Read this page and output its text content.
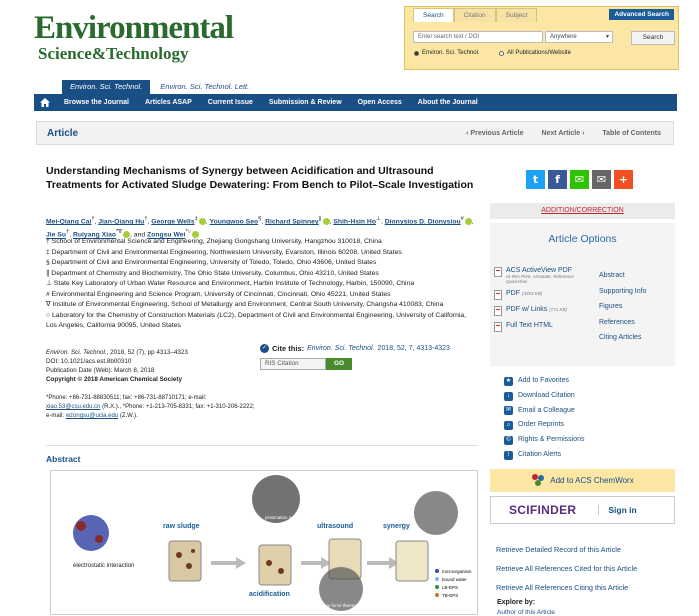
Environmental
Science&Technology
Environ. Sci. Technol.	Environ. Sci. Technol. Lett.
Search	Citation	Subject	Advanced Search
Enter search text / DOI	Anywhere	▾	Search
Environ. Sci. Technol.	All Publications/Website
Browse the Journal	Articles ASAP	Current Issue	Submission & Review	Open Access	About the Journal
Article	‹ Previous Article	Next Article ›	Table of Contents
Understanding Mechanisms of Synergy between Acidification and Ultrasound Treatments for Activated Sludge Dewatering: From Bench to Pilot–Scale Investigation
Mei-Qiang Cai†, Jian-Qiang Hu†, George Wells‡ , Youngwoo Seo§, Richard Spinney∥ , Shih-Hsin Ho⊥, Dionysios D. Dionysiou# , Jie Su†, Ruiyang Xiao*∇ , and Zongsu Wei*○
† School of Environmental Science and Engineering, Zhejiang Gongshang University, Hangzhou 310018, China
‡ Department of Civil and Environmental Engineering, Northwestern University, Evanston, Illinois 60208, United States
§ Department of Civil and Environmental Engineering, University of Toledo, Toledo, Ohio 43606, United States
∥ Department of Chemistry and Biochemistry, The Ohio State University, Columbus, Ohio 43210, United States
⊥ State Key Laboratory of Urban Water Resource and Environment, Harbin Institute of Technology, Harbin, 150090, China
# Environmental Engineering and Science Program, University of Cincinnati, Cincinnati, Ohio 45221, United States
∇ Institute of Environmental Engineering, School of Metallurgy and Environment, Central South University, Changsha 410083, China
○ Laboratory for the Chemistry of Construction Materials (LC2), Department of Civil and Environmental Engineering, University of California, Los Angeles, California 90095, United States
Environ. Sci. Technol., 2018, 52 (7), pp 4313–4323
DOI: 10.1021/acs.est.8b00310
Publication Date (Web): March 8, 2018
Copyright © 2018 American Chemical Society
*Phone: +86-731-88830511; fax: +86-731-88710171; e-mail: xiao.53@csu.edu.cn (R.X.)., *Phone: +1-213-705-8331; fax: +1-310-206-2222; e-mail: wzongsu@ucla.edu (Z.W.).
✓ Cite this: Environ. Sci. Technol. 2018, 52, 7, 4313-4323
RIS Citation	GO
Abstract
electrostatic interaction
raw sludge
protonation solubilization hydrolysis
acidification
ultrasound
shear force thermal effect
synergy
microorganism
bound water
LB-EPS
TB-EPS
t	f	✉	✉	+
ADDITION/CORRECTION
Article Options
ACS ActiveView PDF
Hi-Res Print, Annotate, Reference QuickView
PDF (4353 KB)
PDF w/ Links (771 KB)
Full Text HTML
Abstract
Supporting Info
Figures
References
Citing Articles
★ Add to Favorites
↓	Download Citation
✉ Email a Colleague
⌂	Order Reprints
©	Rights & Permissions
!	Citation Alerts
Add to ACS ChemWorx
SCIFINDER	Sign in
Retrieve Detailed Record of this Article
Retrieve All References Cited for this Article
Retrieve All References Citing this Article
Explore by:
Author of this Article
